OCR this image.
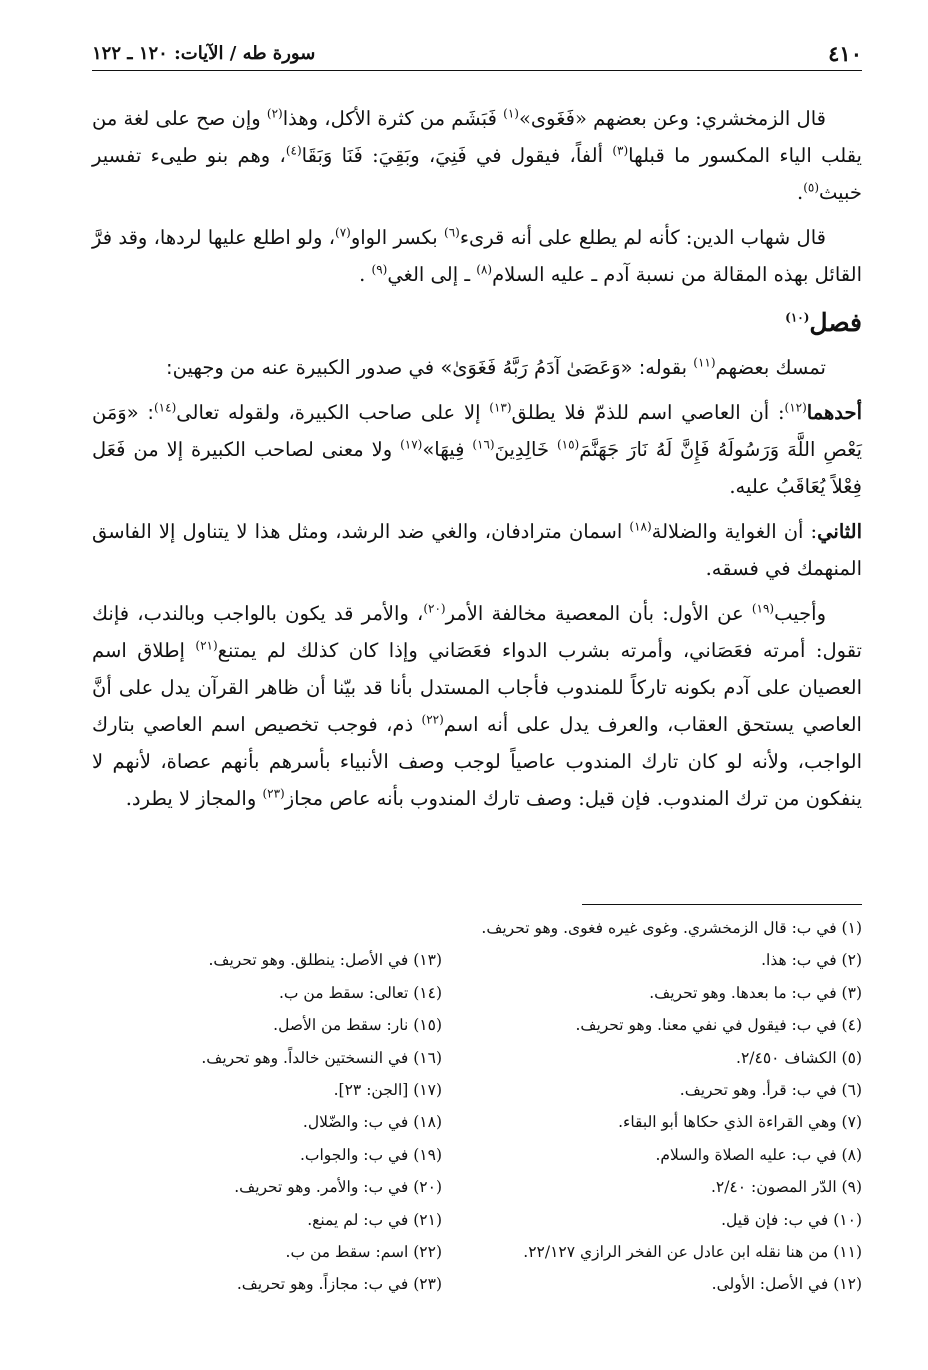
٤١٠
سورة طه / الآيات: ١٢٠ ـ ١٢٢

قال الزمخشري: وعن بعضهم «فَغَوى»$^{(١)}$ فَبَشَم من كثرة الأكل، وهذا$^{(٢)}$ وإن صح على لغة من يقلب الياء المكسور ما قبلها$^{(٣)}$ ألفاً، فيقول في فَنِيَ، وبَقِيَ: فَنَا وَبَقَا$^{(٤)}$، وهم بنو طيىء تفسير خبيث$^{(٥)}$.

قال شهاب الدين: كأنه لم يطلع على أنه قرىء$^{(٦)}$ بكسر الواو$^{(٧)}$، ولو اطلع عليها لردها، وقد فرَّ القائل بهذه المقالة من نسبة آدم ـ عليه السلام$^{(٨)}$ ـ إلى الغي$^{(٩)}$ .

فصل$^{(١٠)}$

تمسك بعضهم$^{(١١)}$ بقوله: «وَعَصَىٰ آدَمُ رَبَّهُ فَغَوَىٰ» في صدور الكبيرة عنه من وجهين:

أحدهما$^{(١٢)}$: أن العاصي اسم للذمّ فلا يطلق$^{(١٣)}$ إلا على صاحب الكبيرة، ولقوله تعالى$^{(١٤)}$: «وَمَن يَعْصِ اللَّهَ وَرَسُولَهُ فَإِنَّ لَهُ نَارَ جَهَنَّمَ$^{(١٥)}$ خَالِدِينَ$^{(١٦)}$ فِيهَا»$^{(١٧)}$ ولا معنى لصاحب الكبيرة إلا من فَعَل فِعْلاً يُعَاقَبُ عليه.

الثاني: أن الغواية والضلالة$^{(١٨)}$ اسمان مترادفان، والغي ضد الرشد، ومثل هذا لا يتناول إلا الفاسق المنهمك في فسقه.

وأجيب$^{(١٩)}$ عن الأول: بأن المعصية مخالفة الأمر$^{(٢٠)}$، والأمر قد يكون بالواجب وبالندب، فإنك تقول: أمرته فعَصَاني، وأمرته بشرب الدواء فعَصَاني وإذا كان كذلك لم يمتنع$^{(٢١)}$ إطلاق اسم العصيان على آدم بكونه تاركاً للمندوب فأجاب المستدل بأنا قد بيّنا أن ظاهر القرآن يدل على أنَّ العاصي يستحق العقاب، والعرف يدل على أنه اسم$^{(٢٢)}$ ذم، فوجب تخصيص اسم العاصي بتارك الواجب، ولأنه لو كان تارك المندوب عاصياً لوجب وصف الأنبياء بأسرهم بأنهم عصاة، لأنهم لا ينفكون من ترك المندوب. فإن قيل: وصف تارك المندوب بأنه عاص مجاز$^{(٢٣)}$ والمجاز لا يطرد.

(١) في ب: قال الزمخشري. وغوى غيره فغوى. وهو تحريف.
(٢) في ب: هذا.
(٣) في ب: ما بعدها. وهو تحريف.
(٤) في ب: فيقول في نفي معنا. وهو تحريف.
(٥) الكشاف ٢/٤٥٠.
(٦) في ب: قرأ. وهو تحريف.
(٧) وهي القراءة الذي حكاها أبو البقاء.
(٨) في ب: عليه الصلاة والسلام.
(٩) الدّر المصون: ٢/٤٠.
(١٠) في ب: فإن قيل.
(١١) من هنا نقله ابن عادل عن الفخر الرازي ٢٢/١٢٧.
(١٢) في الأصل: الأولى.
(١٣) في الأصل: ينطلق. وهو تحريف.
(١٤) تعالى: سقط من ب.
(١٥) نار: سقط من الأصل.
(١٦) في النسختين خالداً. وهو تحريف.
(١٧) [الجن: ٢٣].
(١٨) في ب: والضّلال.
(١٩) في ب: والجواب.
(٢٠) في ب: والأمر. وهو تحريف.
(٢١) في ب: لم يمنع.
(٢٢) اسم: سقط من ب.
(٢٣) في ب: مجازاً. وهو تحريف.
